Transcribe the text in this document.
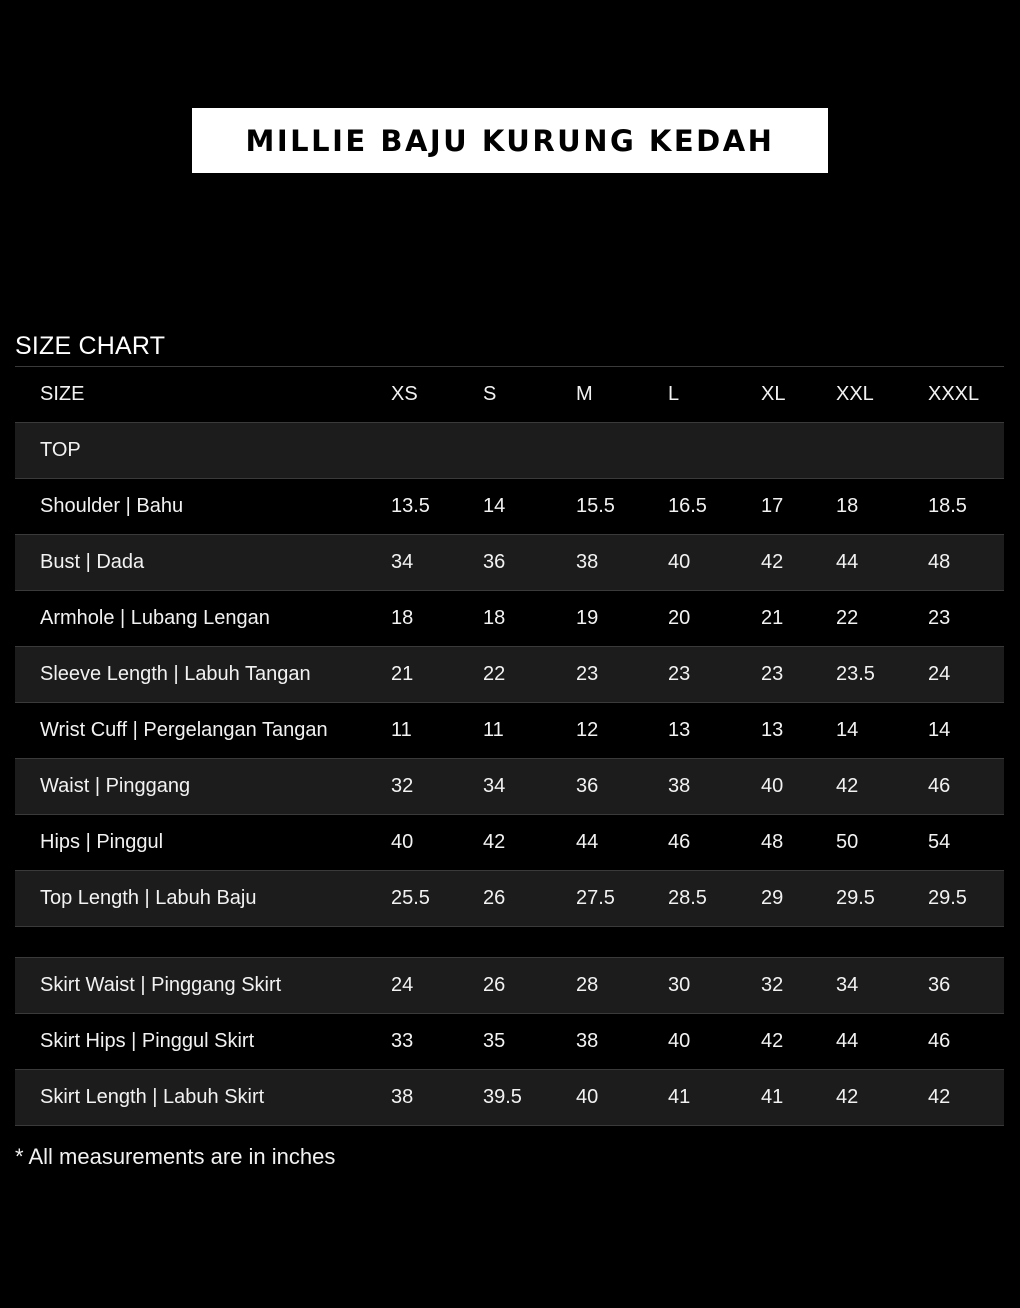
MILLIE BAJU KURUNG KEDAH
SIZE CHART
SIZE	XS	S	M	L	XL	XXL	XXXL
TOP
Shoulder | Bahu	13.5	14	15.5	16.5	17	18	18.5
Bust | Dada	34	36	38	40	42	44	48
Armhole | Lubang Lengan	18	18	19	20	21	22	23
Sleeve Length | Labuh Tangan	21	22	23	23	23	23.5	24
Wrist Cuff | Pergelangan Tangan	11	11	12	13	13	14	14
Waist | Pinggang	32	34	36	38	40	42	46
Hips | Pinggul	40	42	44	46	48	50	54
Top Length | Labuh Baju	25.5	26	27.5	28.5	29	29.5	29.5
Skirt Waist | Pinggang Skirt	24	26	28	30	32	34	36
Skirt Hips | Pinggul Skirt	33	35	38	40	42	44	46
Skirt Length | Labuh Skirt	38	39.5	40	41	41	42	42
* All measurements are in inches
